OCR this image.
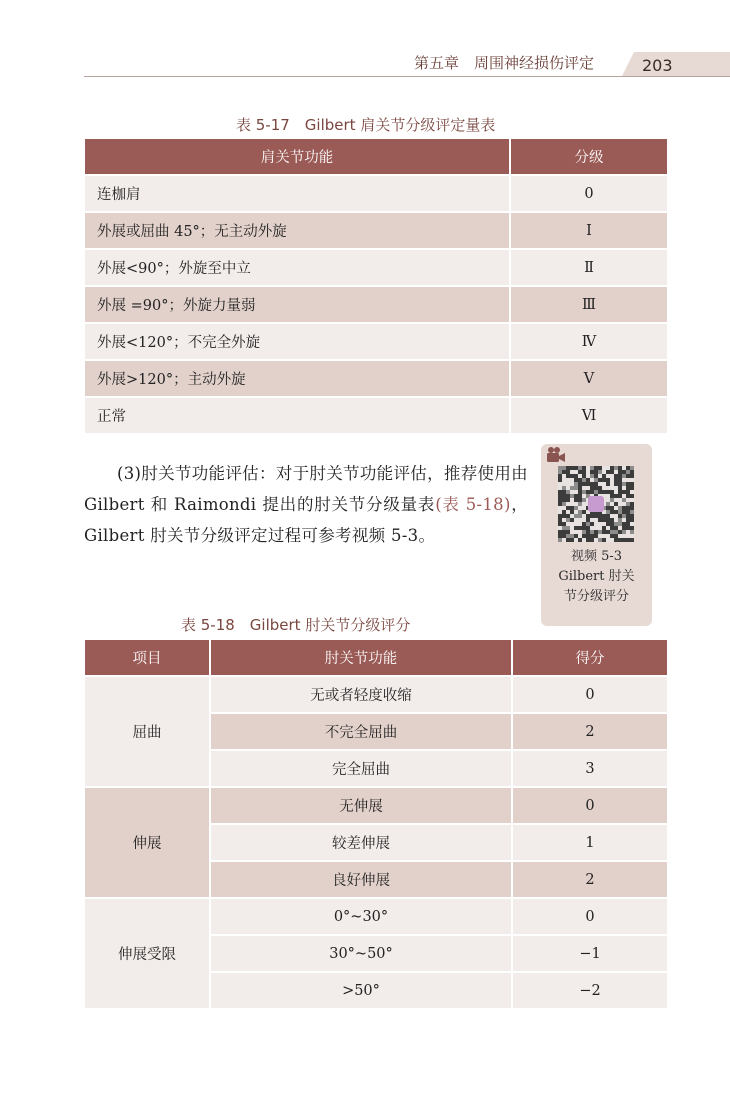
第五章　周围神经损伤评定	203
表 5-17　Gilbert 肩关节分级评定量表
肩关节功能	分级
连枷肩	0
外展或屈曲 45°；无主动外旋	Ⅰ
外展<90°；外旋至中立	Ⅱ
外展 =90°；外旋力量弱	Ⅲ
外展<120°；不完全外旋	Ⅳ
外展>120°；主动外旋	Ⅴ
正常	Ⅵ

(3)肘关节功能评估：对于肘关节功能评估，推荐使用由 Gilbert 和 Raimondi 提出的肘关节分级量表(表 5-18)，Gilbert 肘关节分级评定过程可参考视频 5-3。

视频 5-3
Gilbert 肘关
节分级评分
表 5-18　Gilbert 肘关节分级评分
项目	肘关节功能	得分
屈曲	无或者轻度收缩	0
	不完全屈曲	2
	完全屈曲	3
伸展	无伸展	0
	较差伸展	1
	良好伸展	2
伸展受限	0°~30°	0
	30°~50°	−1
	>50°	−2
